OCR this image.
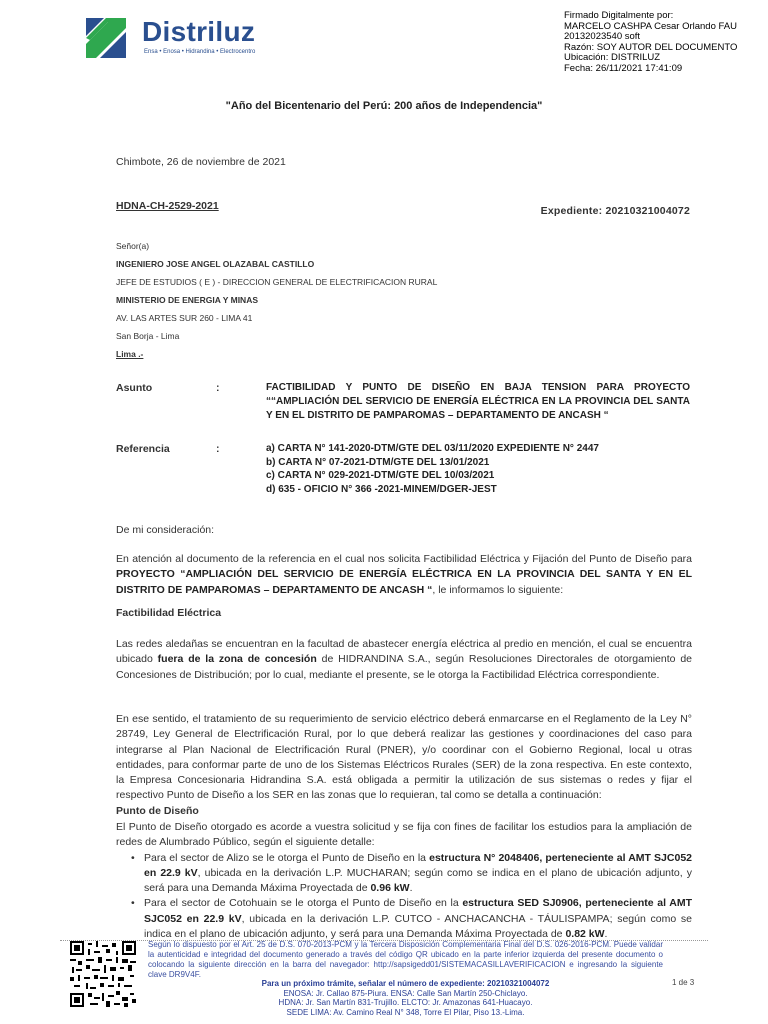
Distriluz
Ensa • Enosa • Hidrandina • Electrocentro
Firmado Digitalmente por:
MARCELO CASHPA Cesar Orlando FAU
20132023540 soft
Razón: SOY AUTOR DEL DOCUMENTO
Ubicación: DISTRILUZ
Fecha: 26/11/2021 17:41:09
"Año del Bicentenario del Perú: 200 años de Independencia"
Chimbote, 26 de noviembre de 2021
HDNA-CH-2529-2021	Expediente: 20210321004072
Señor(a)
INGENIERO JOSE ANGEL OLAZABAL CASTILLO
JEFE DE ESTUDIOS ( E ) - DIRECCION GENERAL DE ELECTRIFICACION RURAL
MINISTERIO DE ENERGIA Y MINAS
AV. LAS ARTES SUR 260 - LIMA 41
San Borja - Lima
Lima .-
Asunto	:	FACTIBILIDAD Y PUNTO DE DISEÑO EN BAJA TENSION PARA PROYECTO ““AMPLIACIÓN DEL SERVICIO DE ENERGÍA ELÉCTRICA EN LA PROVINCIA DEL SANTA Y EN EL DISTRITO DE PAMPAROMAS – DEPARTAMENTO DE ANCASH “
Referencia	:	a) CARTA N° 141-2020-DTM/GTE DEL 03/11/2020 EXPEDIENTE N° 2447
b) CARTA N° 07-2021-DTM/GTE DEL 13/01/2021
c) CARTA N° 029-2021-DTM/GTE DEL 10/03/2021
d) 635 - OFICIO N° 366 -2021-MINEM/DGER-JEST
De mi consideración:
En atención al documento de la referencia en el cual nos solicita Factibilidad Eléctrica y Fijación del Punto de Diseño para PROYECTO “AMPLIACIÓN DEL SERVICIO DE ENERGÍA ELÉCTRICA EN LA PROVINCIA DEL SANTA Y EN EL DISTRITO DE PAMPAROMAS – DEPARTAMENTO DE ANCASH “, le informamos lo siguiente:
Factibilidad Eléctrica
Las redes aledañas se encuentran en la facultad de abastecer energía eléctrica al predio en mención, el cual se encuentra ubicado fuera de la zona de concesión de HIDRANDINA S.A., según Resoluciones Directorales de otorgamiento de Concesiones de Distribución; por lo cual, mediante el presente, se le otorga la Factibilidad Eléctrica correspondiente.
En ese sentido, el tratamiento de su requerimiento de servicio eléctrico deberá enmarcarse en el Reglamento de la Ley N° 28749, Ley General de Electrificación Rural, por lo que deberá realizar las gestiones y coordinaciones del caso para integrarse al Plan Nacional de Electrificación Rural (PNER), y/o coordinar con el Gobierno Regional, local u otras entidades, para conformar parte de uno de los Sistemas Eléctricos Rurales (SER) de la zona respectiva. En este contexto, la Empresa Concesionaria Hidrandina S.A. está obligada a permitir la utilización de sus sistemas o redes y fijar el respectivo Punto de Diseño a los SER en las zonas que lo requieran, tal como se detalla a continuación:
Punto de Diseño
El Punto de Diseño otorgado es acorde a vuestra solicitud y se fija con fines de facilitar los estudios para la ampliación de redes de Alumbrado Público, según el siguiente detalle:
• Para el sector de Alizo se le otorga el Punto de Diseño en la estructura N° 2048406, perteneciente al AMT SJC052 en 22.9 kV, ubicada en la derivación L.P. MUCHARAN; según como se indica en el plano de ubicación adjunto, y será para una Demanda Máxima Proyectada de 0.96 kW.
• Para el sector de Cotohuain se le otorga el Punto de Diseño en la estructura SED SJ0906, perteneciente al AMT SJC052 en 22.9 kV, ubicada en la derivación L.P. CUTCO - ANCHACANCHA - TÁULISPAMPA; según como se indica en el plano de ubicación adjunto, y será para una Demanda Máxima Proyectada de 0.82 kW.
Según lo dispuesto por el Art. 25 de D.S. 070-2013-PCM y la Tercera Disposición Complementaria Final del D.S. 026-2016-PCM. Puede validar la autenticidad e integridad del documento generado a través del código QR ubicado en la parte inferior izquierda del presente documento o colocando la siguiente dirección en la barra del navegador: http://sapsigedd01/SISTEMACASILLAVERIFICACION e ingresando la siguiente clave DR9V4F.
Para un próximo trámite, señalar el número de expediente: 20210321004072
ENOSA: Jr. Callao 875-Piura. ENSA: Calle San Martín 250-Chiclayo.
HDNA: Jr. San Martín 831-Trujillo. ELCTO: Jr. Amazonas 641-Huacayo.
SEDE LIMA: Av. Camino Real N° 348, Torre El Pilar, Piso 13.-Lima.
1 de 3
